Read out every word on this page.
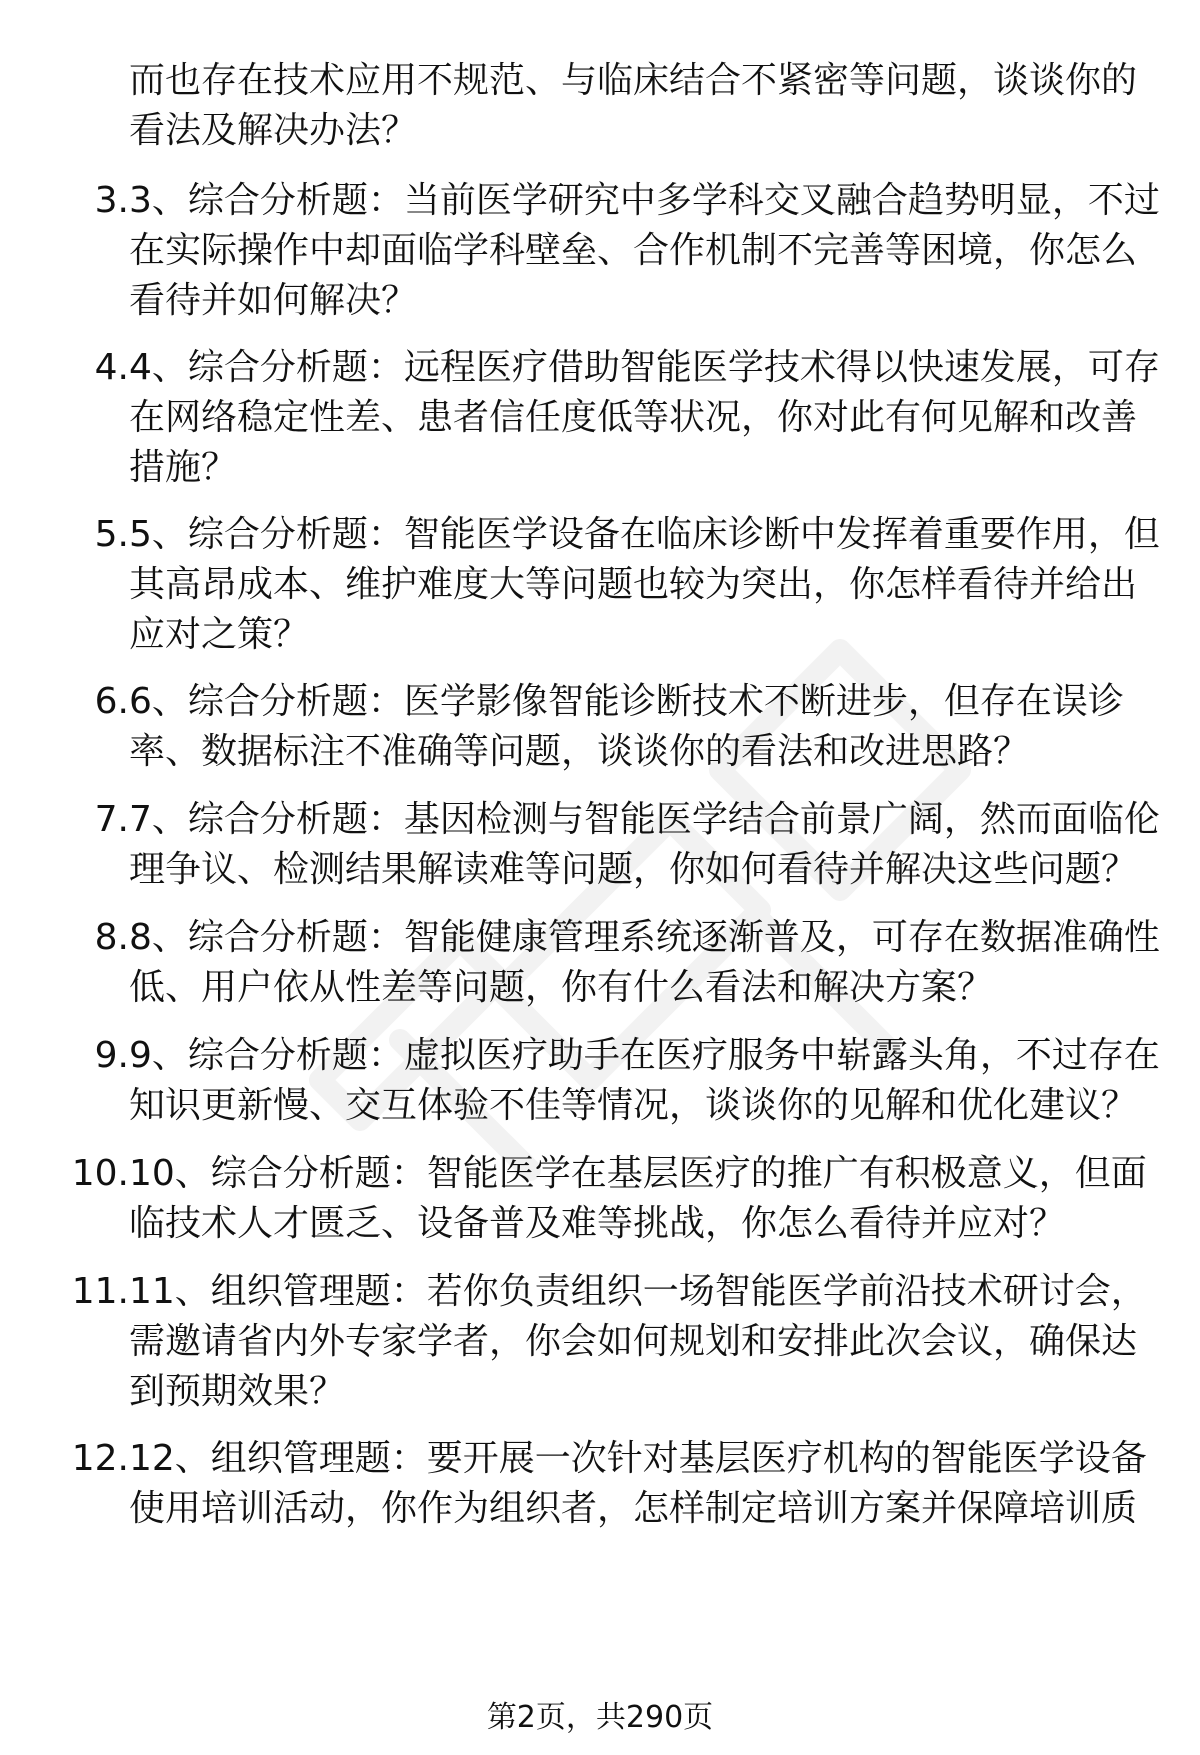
而也存在技术应用不规范、与临床结合不紧密等问题，谈谈你的看法及解决办法？

3. 3、综合分析题：当前医学研究中多学科交叉融合趋势明显，不过在实际操作中却面临学科壁垒、合作机制不完善等困境，你怎么看待并如何解决？

4. 4、综合分析题：远程医疗借助智能医学技术得以快速发展，可存在网络稳定性差、患者信任度低等状况，你对此有何见解和改善措施？

5. 5、综合分析题：智能医学设备在临床诊断中发挥着重要作用，但其高昂成本、维护难度大等问题也较为突出，你怎样看待并给出应对之策？

6. 6、综合分析题：医学影像智能诊断技术不断进步，但存在误诊率、数据标注不准确等问题，谈谈你的看法和改进思路？

7. 7、综合分析题：基因检测与智能医学结合前景广阔，然而面临伦理争议、检测结果解读难等问题，你如何看待并解决这些问题？

8. 8、综合分析题：智能健康管理系统逐渐普及，可存在数据准确性低、用户依从性差等问题，你有什么看法和解决方案？

9. 9、综合分析题：虚拟医疗助手在医疗服务中崭露头角，不过存在知识更新慢、交互体验不佳等情况，谈谈你的见解和优化建议？

10. 10、综合分析题：智能医学在基层医疗的推广有积极意义，但面临技术人才匮乏、设备普及难等挑战，你怎么看待并应对？

11. 11、组织管理题：若你负责组织一场智能医学前沿技术研讨会，需邀请省内外专家学者，你会如何规划和安排此次会议，确保达到预期效果？

12. 12、组织管理题：要开展一次针对基层医疗机构的智能医学设备使用培训活动，你作为组织者，怎样制定培训方案并保障培训质

第2页，共290页
